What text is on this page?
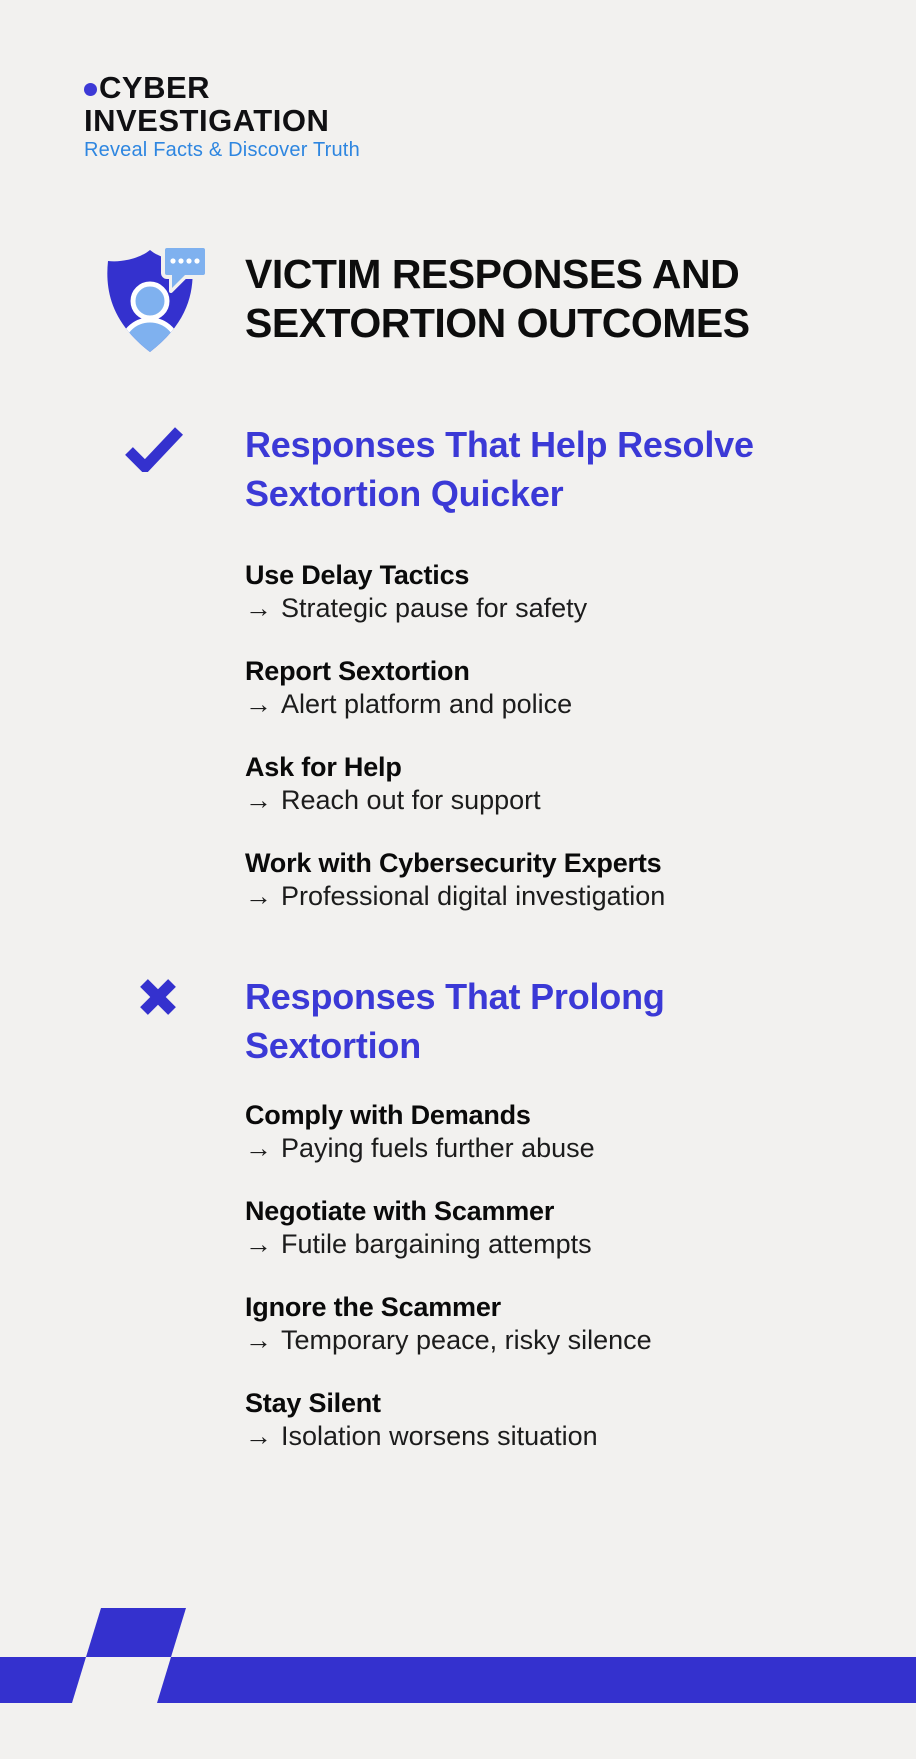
CYBER
INVESTIGATION
Reveal Facts & Discover Truth
VICTIM RESPONSES AND
SEXTORTION OUTCOMES
Responses That Help Resolve
Sextortion Quicker
Use Delay Tactics
→ Strategic pause for safety
Report Sextortion
→ Alert platform and police
Ask for Help
→ Reach out for support
Work with Cybersecurity Experts
→ Professional digital investigation
Responses That Prolong
Sextortion
Comply with Demands
→ Paying fuels further abuse
Negotiate with Scammer
→ Futile bargaining attempts
Ignore the Scammer
→ Temporary peace, risky silence
Stay Silent
→ Isolation worsens situation
